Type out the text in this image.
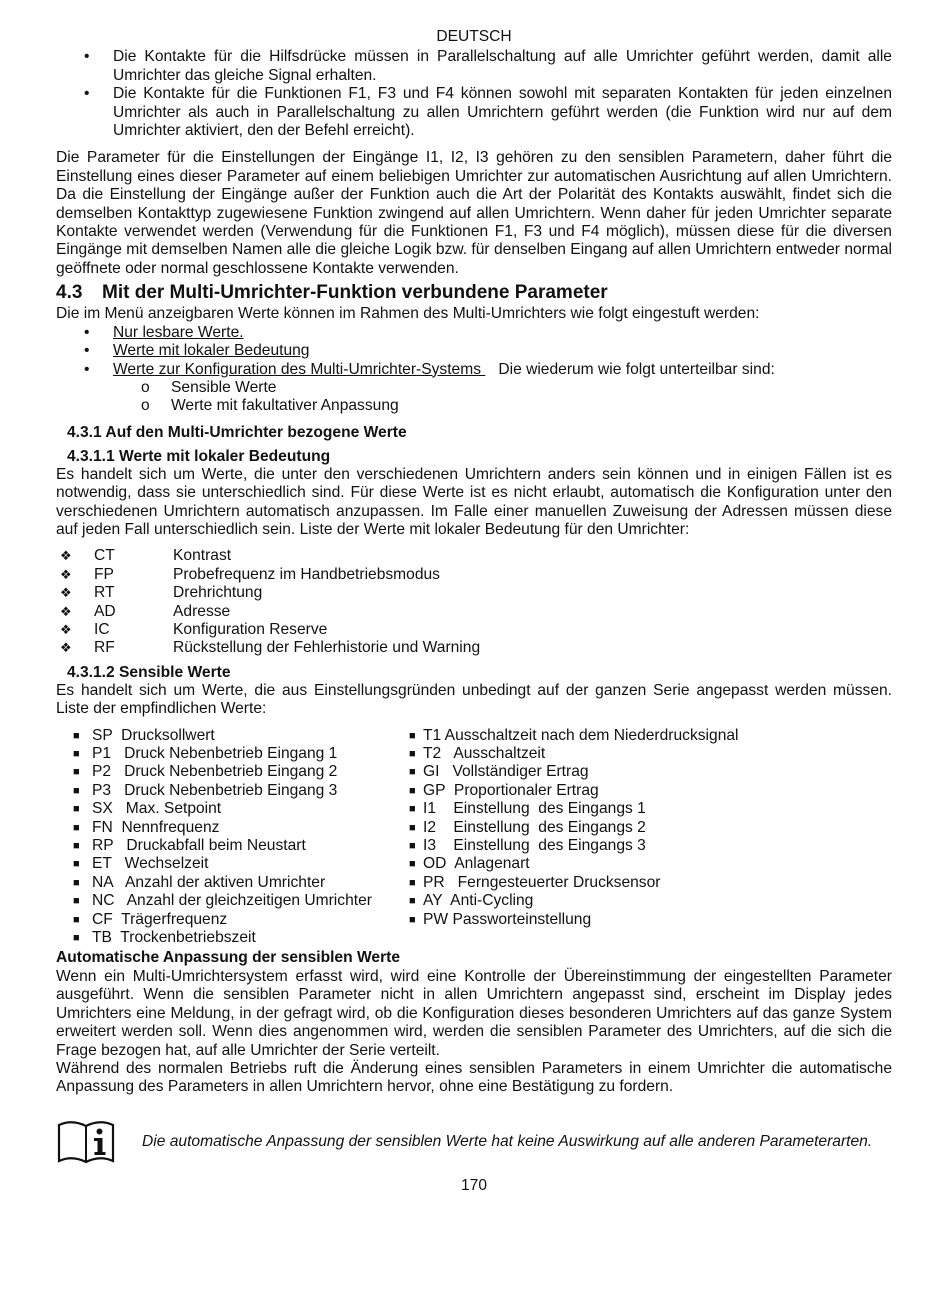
DEUTSCH
• Die Kontakte für die Hilfsdrücke müssen in Parallelschaltung auf alle Umrichter geführt werden, damit alle Umrichter das gleiche Signal erhalten.
• Die Kontakte für die Funktionen F1, F3 und F4 können sowohl mit separaten Kontakten für jeden einzelnen Umrichter als auch in Parallelschaltung zu allen Umrichtern geführt werden (die Funktion wird nur auf dem Umrichter aktiviert, den der Befehl erreicht).

Die Parameter für die Einstellungen der Eingänge I1, I2, I3 gehören zu den sensiblen Parametern, daher führt die Einstellung eines dieser Parameter auf einem beliebigen Umrichter zur automatischen Ausrichtung auf allen Umrichtern. Da die Einstellung der Eingänge außer der Funktion auch die Art der Polarität des Kontakts auswählt, findet sich die demselben Kontakttyp zugewiesene Funktion zwingend auf allen Umrichtern. Wenn daher für jeden Umrichter separate Kontakte verwendet werden (Verwendung für die Funktionen F1, F3 und F4 möglich), müssen diese für die diversen Eingänge mit demselben Namen alle die gleiche Logik bzw. für denselben Eingang auf allen Umrichtern entweder normal geöffnete oder normal geschlossene Kontakte verwenden.

4.3 Mit der Multi-Umrichter-Funktion verbundene Parameter

Die im Menü anzeigbaren Werte können im Rahmen des Multi-Umrichters wie folgt eingestuft werden:

• Nur lesbare Werte.
• Werte mit lokaler Bedeutung
• Werte zur Konfiguration des Multi-Umrichter-Systems    Die wiederum wie folgt unterteilbar sind:
o Sensible Werte
o Werte mit fakultativer Anpassung
4.3.1 Auf den Multi-Umrichter bezogene Werte
4.3.1.1 Werte mit lokaler Bedeutung

Es handelt sich um Werte, die unter den verschiedenen Umrichtern anders sein können und in einigen Fällen ist es notwendig, dass sie unterschiedlich sind. Für diese Werte ist es nicht erlaubt, automatisch die Konfiguration unter den verschiedenen Umrichtern automatisch anzupassen. Im Falle einer manuellen Zuweisung der Adressen müssen diese auf jeden Fall unterschiedlich sein. Liste der Werte mit lokaler Bedeutung für den Umrichter:

❖	CT	Kontrast
❖	FP	Probefrequenz im Handbetriebsmodus
❖	RT	Drehrichtung
❖	AD	Adresse
❖	IC	Konfiguration Reserve
❖	RF	Rückstellung der Fehlerhistorie und Warning
4.3.1.2 Sensible Werte

Es handelt sich um Werte, die aus Einstellungsgründen unbedingt auf der ganzen Serie angepasst werden müssen. Liste der empfindlichen Werte:

■ SP  Drucksollwert
■ P1   Druck Nebenbetrieb Eingang 1
■ P2   Druck Nebenbetrieb Eingang 2
■ P3   Druck Nebenbetrieb Eingang 3
■ SX   Max. Setpoint
■ FN  Nennfrequenz
■ RP   Druckabfall beim Neustart
■ ET   Wechselzeit
■ NA   Anzahl der aktiven Umrichter
■ NC   Anzahl der gleichzeitigen Umrichter
■ CF  Trägerfrequenz
■ TB  Trockenbetriebszeit
■ T1 Ausschaltzeit nach dem Niederdrucksignal
■ T2   Ausschaltzeit
■ GI   Vollständiger Ertrag
■ GP  Proportionaler Ertrag
■ I1    Einstellung  des Eingangs 1
■ I2    Einstellung  des Eingangs 2
■ I3    Einstellung  des Eingangs 3
■ OD  Anlagenart
■ PR   Ferngesteuerter Drucksensor
■ AY  Anti-Cycling
■ PW Passworteinstellung
Automatische Anpassung der sensiblen Werte

Wenn ein Multi-Umrichtersystem erfasst wird, wird eine Kontrolle der Übereinstimmung der eingestellten Parameter ausgeführt. Wenn die sensiblen Parameter nicht in allen Umrichtern angepasst sind, erscheint im Display jedes Umrichters eine Meldung, in der gefragt wird, ob die Konfiguration dieses besonderen Umrichters auf das ganze System erweitert werden soll. Wenn dies angenommen wird, werden die sensiblen Parameter des Umrichters, auf die sich die Frage bezogen hat, auf alle Umrichter der Serie verteilt.

Während des normalen Betriebs ruft die Änderung eines sensiblen Parameters in einem Umrichter die automatische Anpassung des Parameters in allen Umrichtern hervor, ohne eine Bestätigung zu fordern.

Die automatische Anpassung der sensiblen Werte hat keine Auswirkung auf alle anderen Parameterarten.
170
